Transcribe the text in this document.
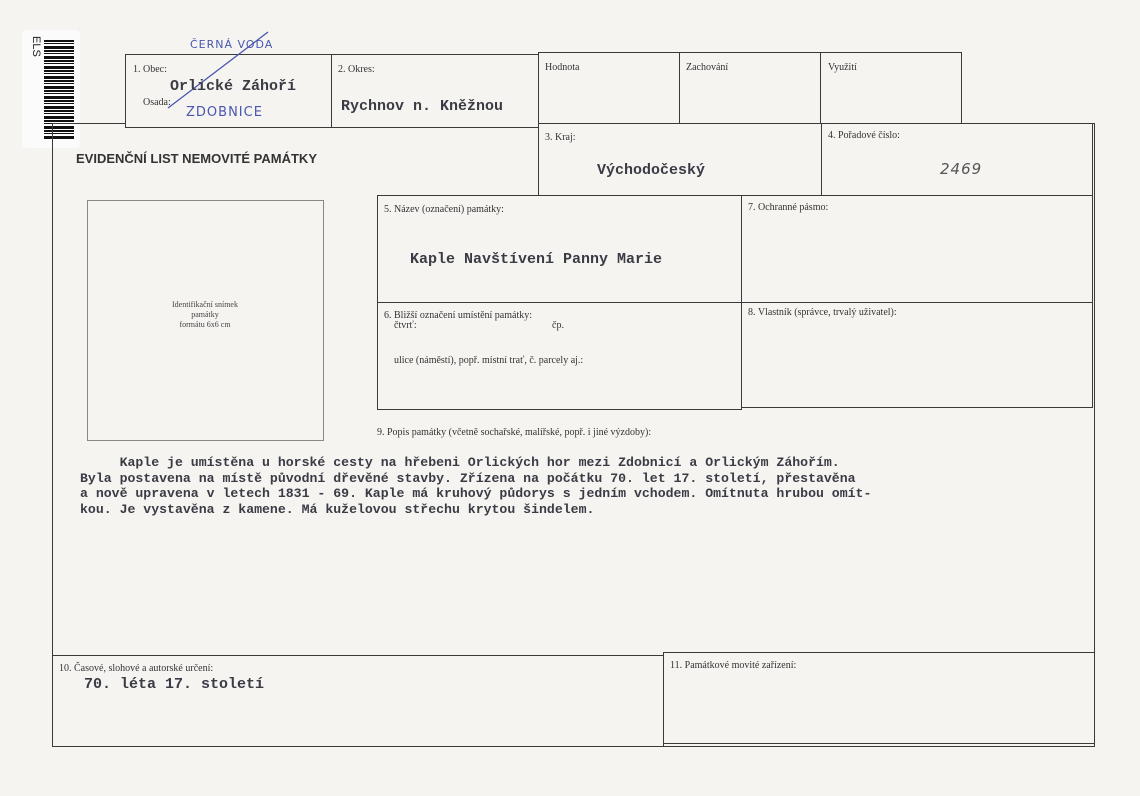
ELS
1. Obec:
ČERNÁ VODA
Orlické Záhoří
Osada:
ZDOBNICE
2. Okres:
Rychnov n. Kněžnou
Hodnota	Zachování	Využití
EVIDENČNÍ LIST NEMOVITÉ PAMÁTKY
3. Kraj:
Východočeský
4. Pořadové číslo:
2469
Identifikační snímek
památky
formátu 6x6 cm
5. Název (označení) památky:
Kaple Navštívení Panny Marie
7. Ochranné pásmo:
6. Bližší označení umístění památky:
čtvrť:	čp.
ulice (náměstí), popř. místní trať, č. parcely aj.:
8. Vlastník (správce, trvalý uživatel):
9. Popis památky (včetně sochařské, malířské, popř. i jiné výzdoby):
Kaple je umístěna u horské cesty na hřebeni Orlických hor mezi Zdobnicí a Orlickým Záhořím.
Byla postavena na místě původní dřevěné stavby. Zřízena na počátku 70. let 17. století, přestavěna
a nově upravena v letech 1831 - 69. Kaple má kruhový půdorys s jedním vchodem. Omítnuta hrubou omít-
kou. Je vystavěna z kamene. Má kuželovou střechu krytou šindelem.
10. Časové, slohové a autorské určení:
70. léta 17. století
11. Památkové movité zařízení:
